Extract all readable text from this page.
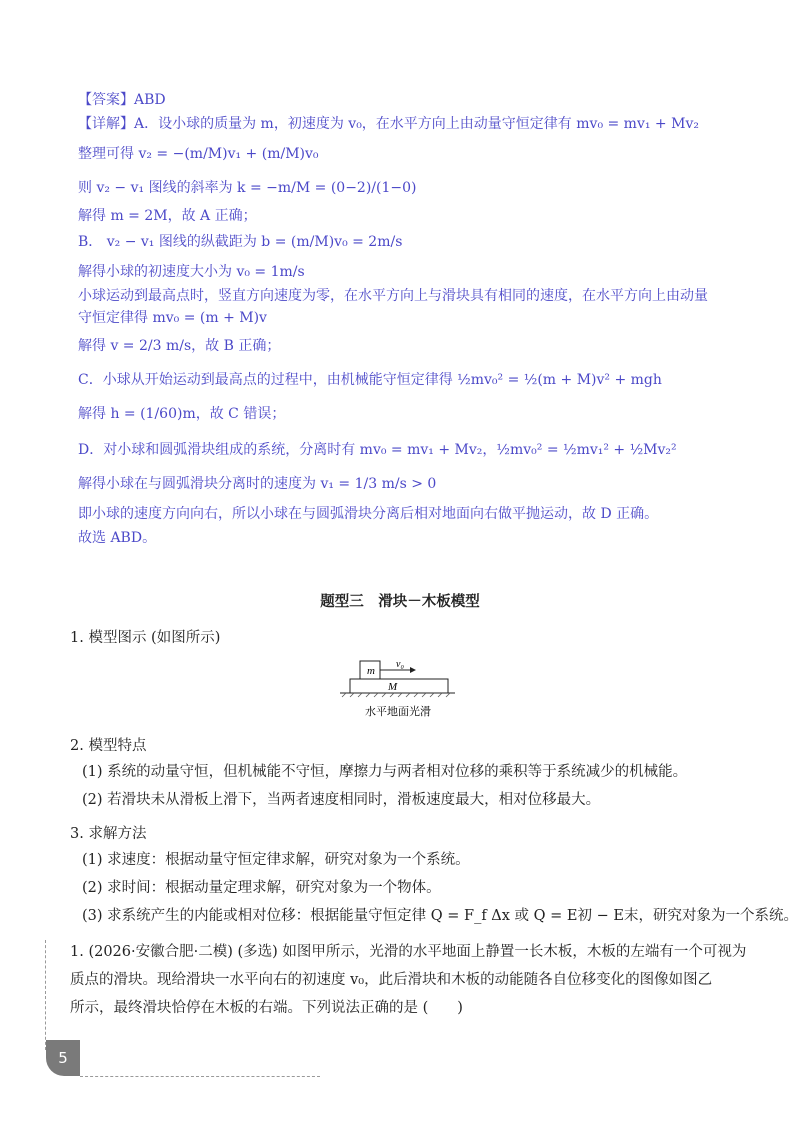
【答案】ABD
【详解】A．设小球的质量为 m，初速度为 v₀，在水平方向上由动量守恒定律有 mv₀ = mv₁ + Mv₂
整理可得 v₂ = −(m/M)v₁ + (m/M)v₀
则 v₂ − v₁ 图线的斜率为 k = −m/M = (0−2)/(1−0)
解得 m = 2M，故 A 正确；
B． v₂ − v₁ 图线的纵截距为 b = (m/M)v₀ = 2m/s
解得小球的初速度大小为 v₀ = 1m/s
小球运动到最高点时，竖直方向速度为零，在水平方向上与滑块具有相同的速度，在水平方向上由动量
守恒定律得 mv₀ = (m + M)v
解得 v = 2/3 m/s，故 B 正确；
C．小球从开始运动到最高点的过程中，由机械能守恒定律得 ½mv₀² = ½(m + M)v² + mgh
解得 h = (1/60)m，故 C 错误；
D．对小球和圆弧滑块组成的系统，分离时有 mv₀ = mv₁ + Mv₂，½mv₀² = ½mv₁² + ½Mv₂²
解得小球在与圆弧滑块分离时的速度为 v₁ = 1/3 m/s > 0
即小球的速度方向向右，所以小球在与圆弧滑块分离后相对地面向右做平抛运动，故 D 正确。
故选 ABD。
题型三　滑块－木板模型
1. 模型图示 (如图所示)
m
v₀
M
水平地面光滑
2. 模型特点
(1) 系统的动量守恒，但机械能不守恒，摩擦力与两者相对位移的乘积等于系统减少的机械能。
(2) 若滑块未从滑板上滑下，当两者速度相同时，滑板速度最大，相对位移最大。
3. 求解方法
(1) 求速度：根据动量守恒定律求解，研究对象为一个系统。
(2) 求时间：根据动量定理求解，研究对象为一个物体。
(3) 求系统产生的内能或相对位移：根据能量守恒定律 Q = F_f Δx 或 Q = E初 − E末，研究对象为一个系统。
1. (2026·安徽合肥·二模) (多选) 如图甲所示，光滑的水平地面上静置一长木板，木板的左端有一个可视为
质点的滑块。现给滑块一水平向右的初速度 v₀，此后滑块和木板的动能随各自位移变化的图像如图乙
所示，最终滑块恰停在木板的右端。下列说法正确的是 (　　)
5
